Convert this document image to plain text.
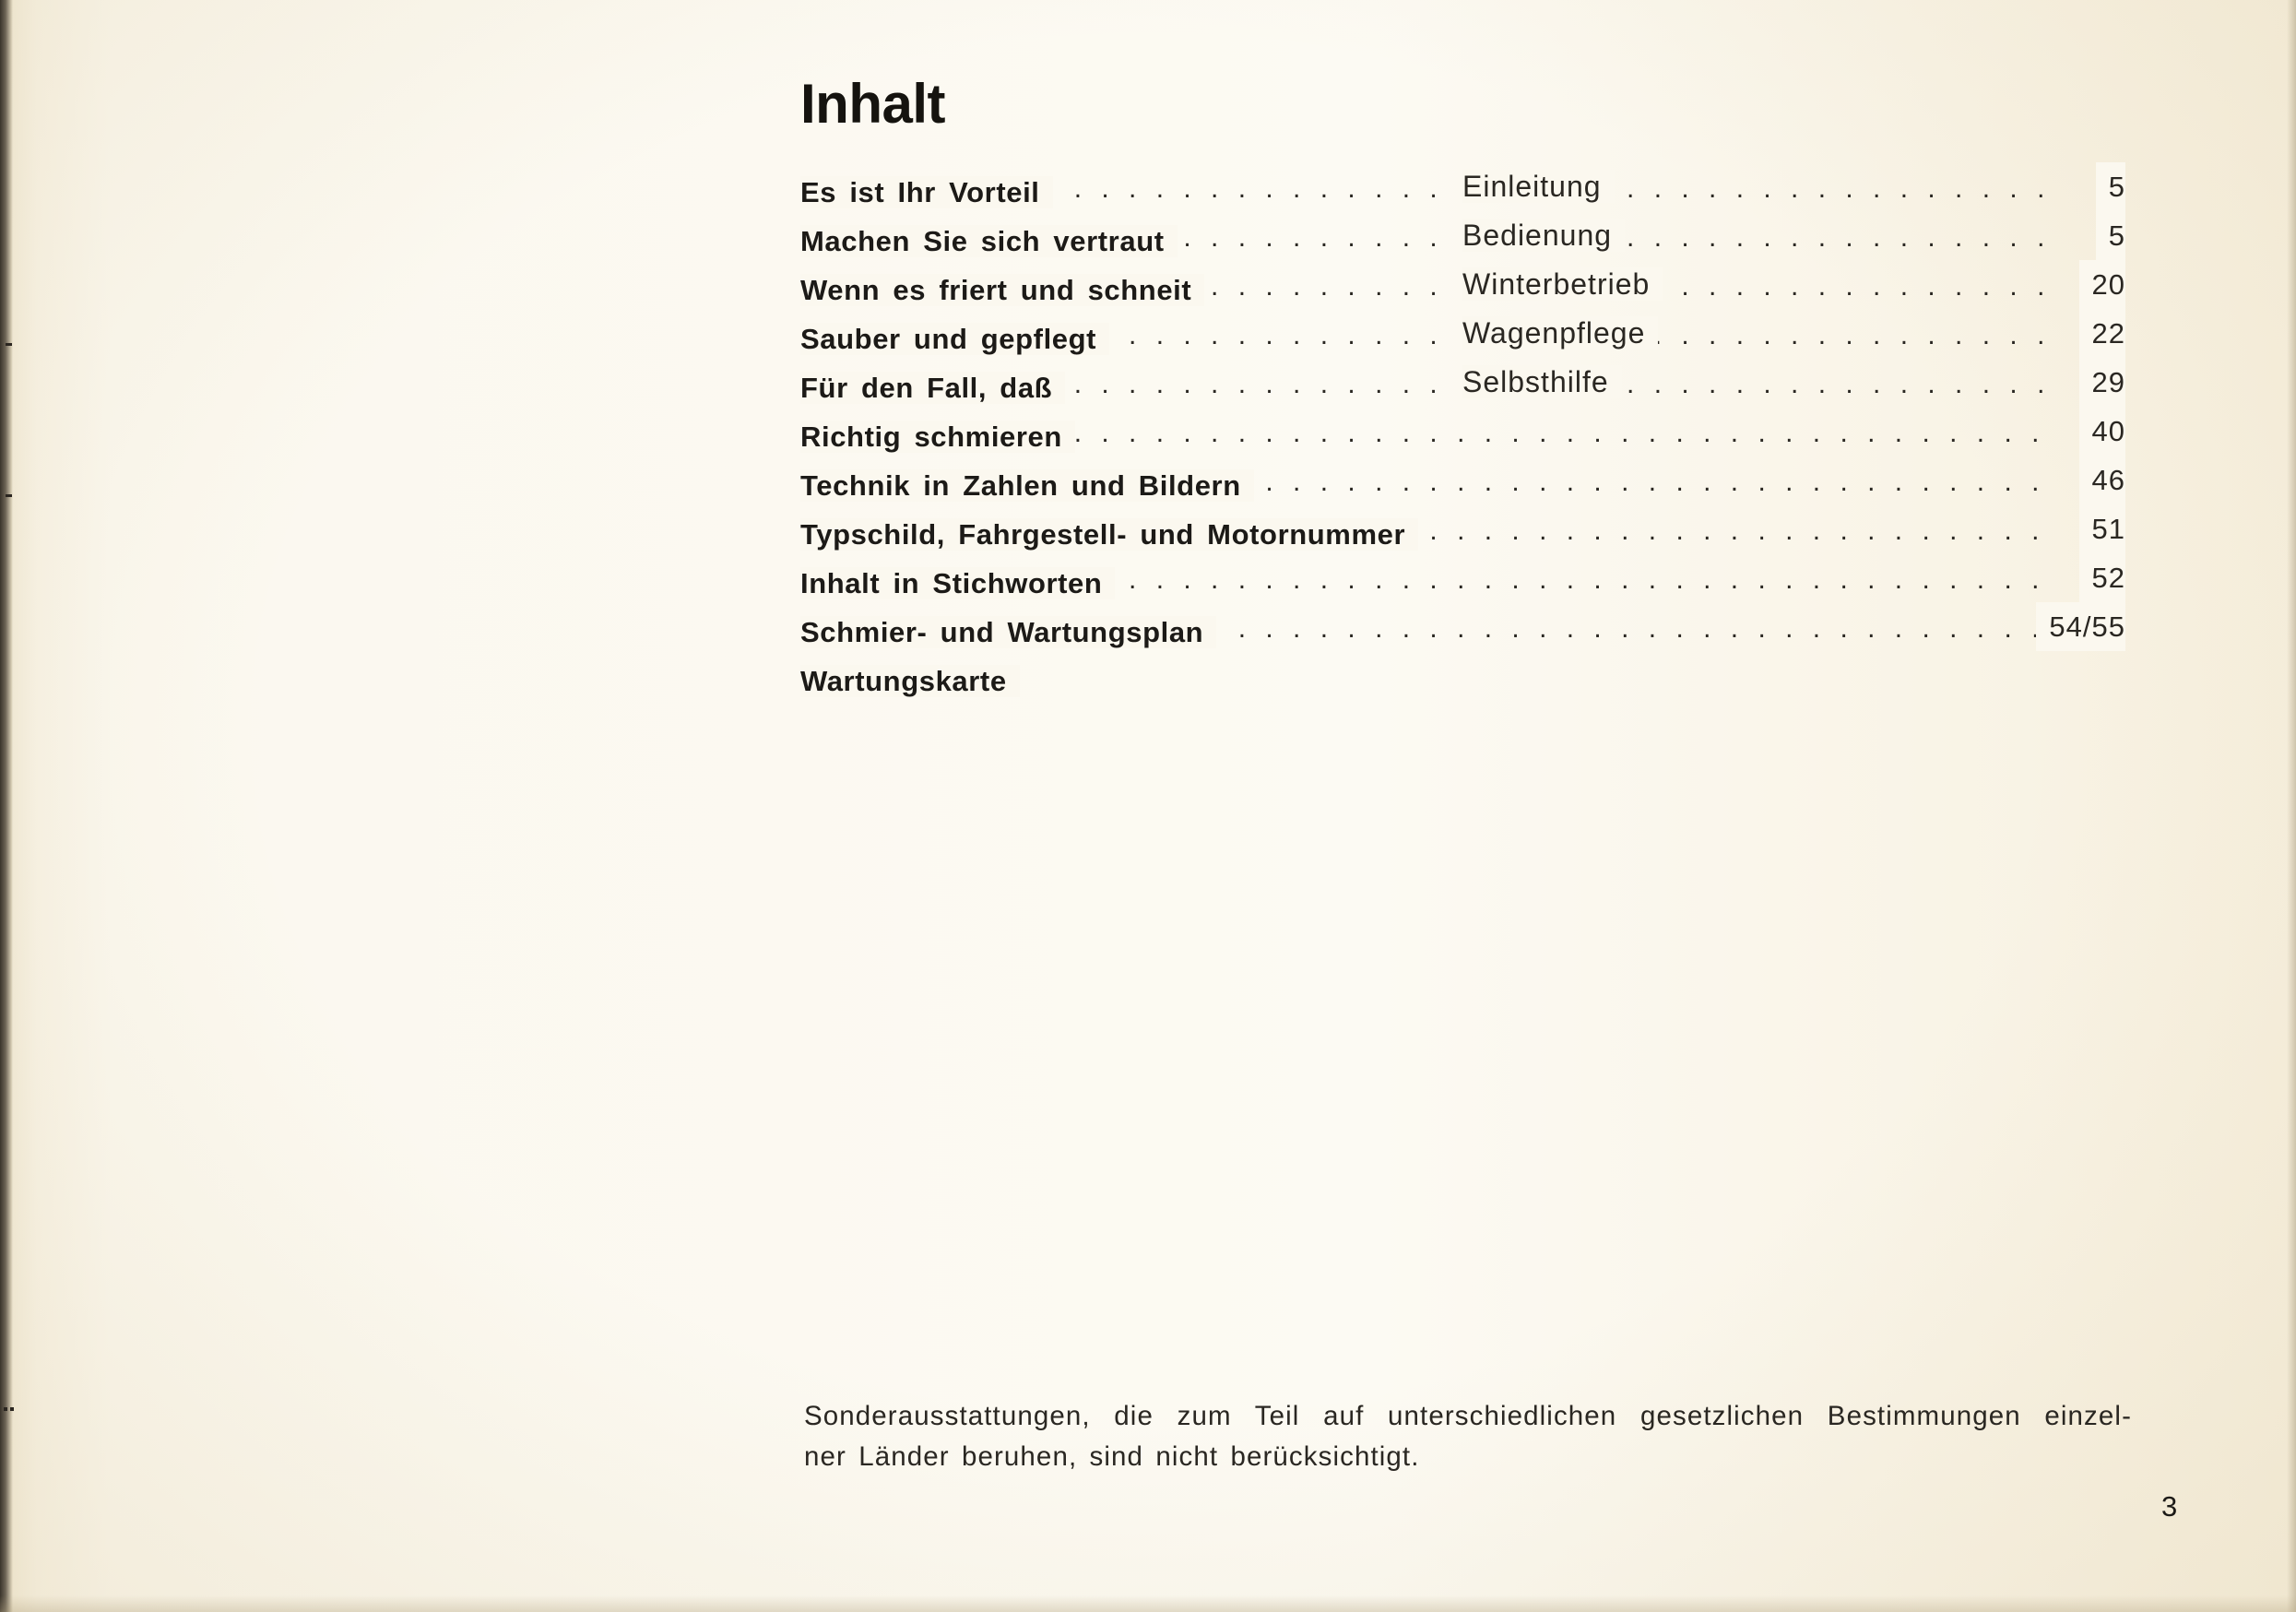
Inhalt
Es ist Ihr Vorteil . . .	Einleitung . . .	5
Machen Sie sich vertraut . . .	Bedienung . . .	5
Wenn es friert und schneit . . .	Winterbetrieb . . .	20
Sauber und gepflegt . . .	Wagenpflege . . .	22
Für den Fall, daß . . .	Selbsthilfe . . .	29
Richtig schmieren . . .	40
Technik in Zahlen und Bildern . . .	46
Typschild, Fahrgestell- und Motornummer . . .	51
Inhalt in Stichworten . . .	52
Schmier- und Wartungsplan . . .	54/55
Wartungskarte
Sonderausstattungen, die zum Teil auf unterschiedlichen gesetzlichen Bestimmungen einzel-
ner Länder beruhen, sind nicht berücksichtigt.
3
